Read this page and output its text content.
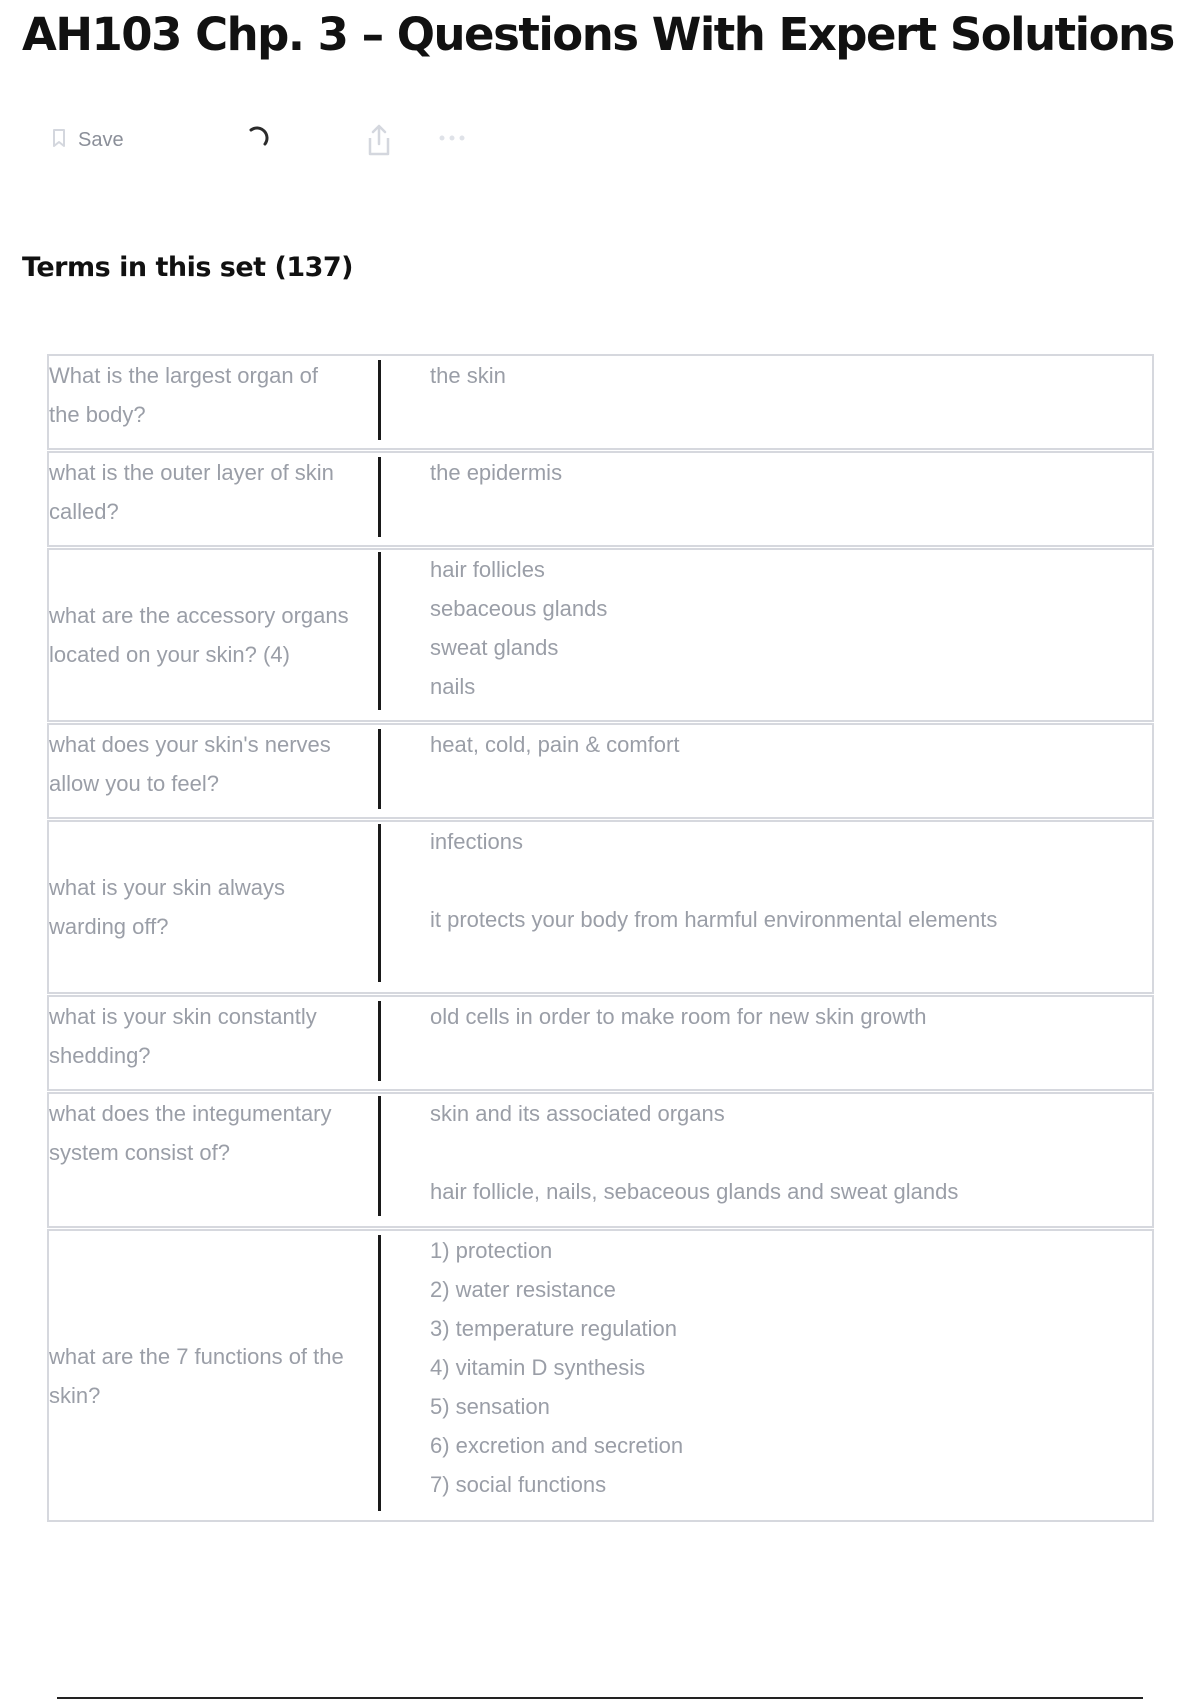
AH103 Chp. 3 – Questions With Expert Solutions
Save
Terms in this set (137)
What is the largest organ of the body?
the skin
what is the outer layer of skin called?
the epidermis
what are the accessory organs located on your skin? (4)
hair follicles
sebaceous glands
sweat glands
nails
what does your skin's nerves allow you to feel?
heat, cold, pain & comfort
what is your skin always warding off?
infections

it protects your body from harmful environmental elements
what is your skin constantly shedding?
old cells in order to make room for new skin growth
what does the integumentary system consist of?
skin and its associated organs

hair follicle, nails, sebaceous glands and sweat glands
what are the 7 functions of the skin?
1) protection
2) water resistance
3) temperature regulation
4) vitamin D synthesis
5) sensation
6) excretion and secretion
7) social functions
